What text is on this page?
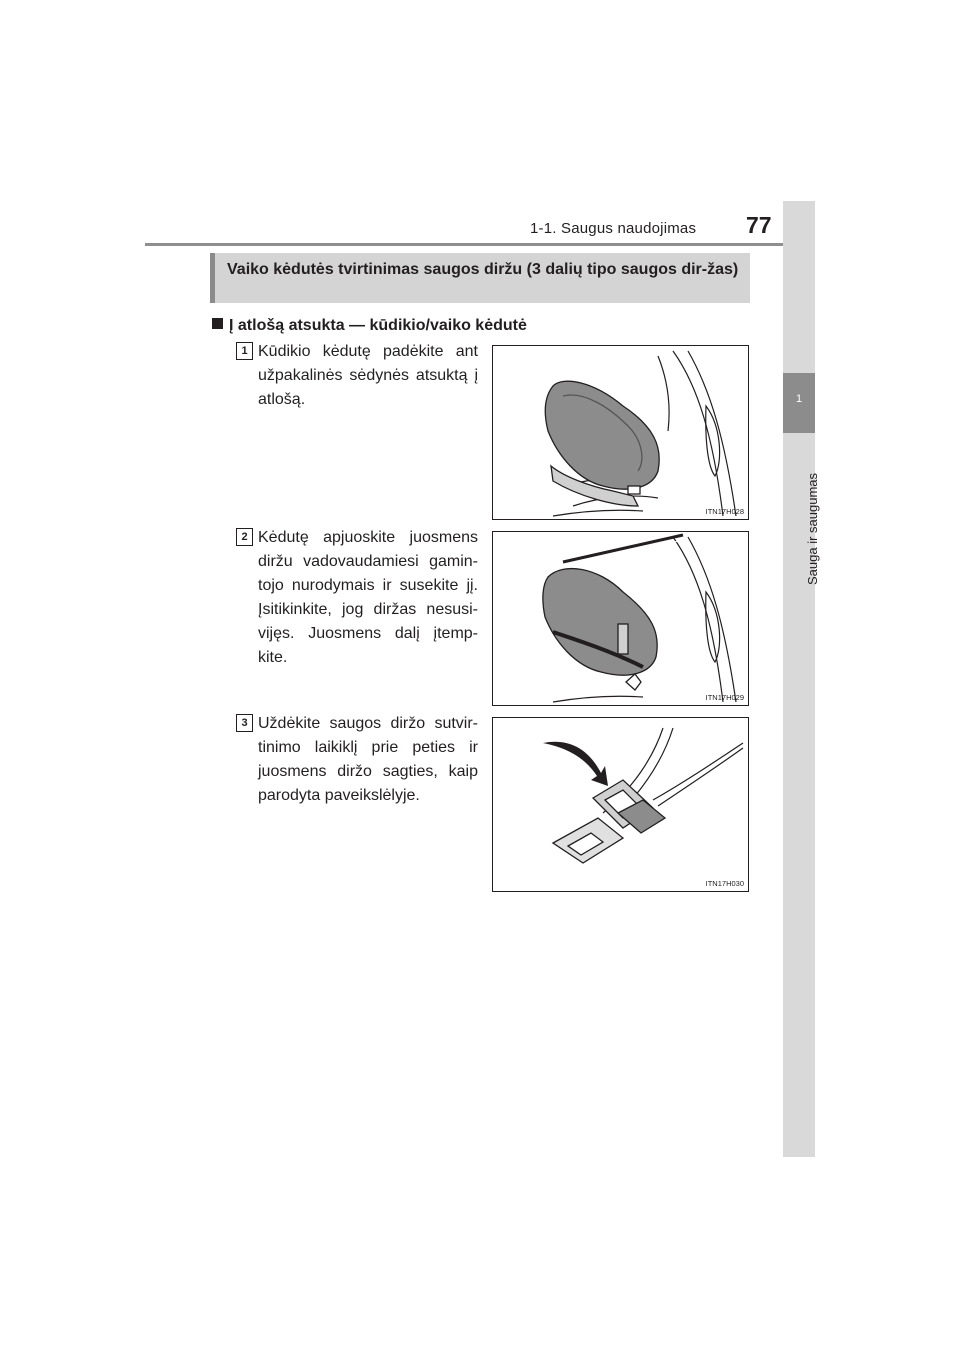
1-1. Saugus naudojimas 77
1
Sauga ir saugumas
Vaiko kėdutės tvirtinimas saugos diržu (3 dalių tipo saugos dir-žas)
Į atlošą atsukta — kūdikio/vaiko kėdutė
1 Kūdikio kėdutę padėkite ant užpakalinės sėdynės atsuktą į atlošą.
ITN17H028
2 Kėdutę apjuoskite juosmens diržu vadovaudamiesi gamin-tojo nurodymais ir susekite jį. Įsitikinkite, jog diržas nesusi-vijęs. Juosmens dalį įtemp-kite.
ITN17H029
3 Uždėkite saugos diržo sutvir-tinimo laikiklį prie peties ir juosmens diržo sagties, kaip parodyta paveikslėlyje.
ITN17H030
